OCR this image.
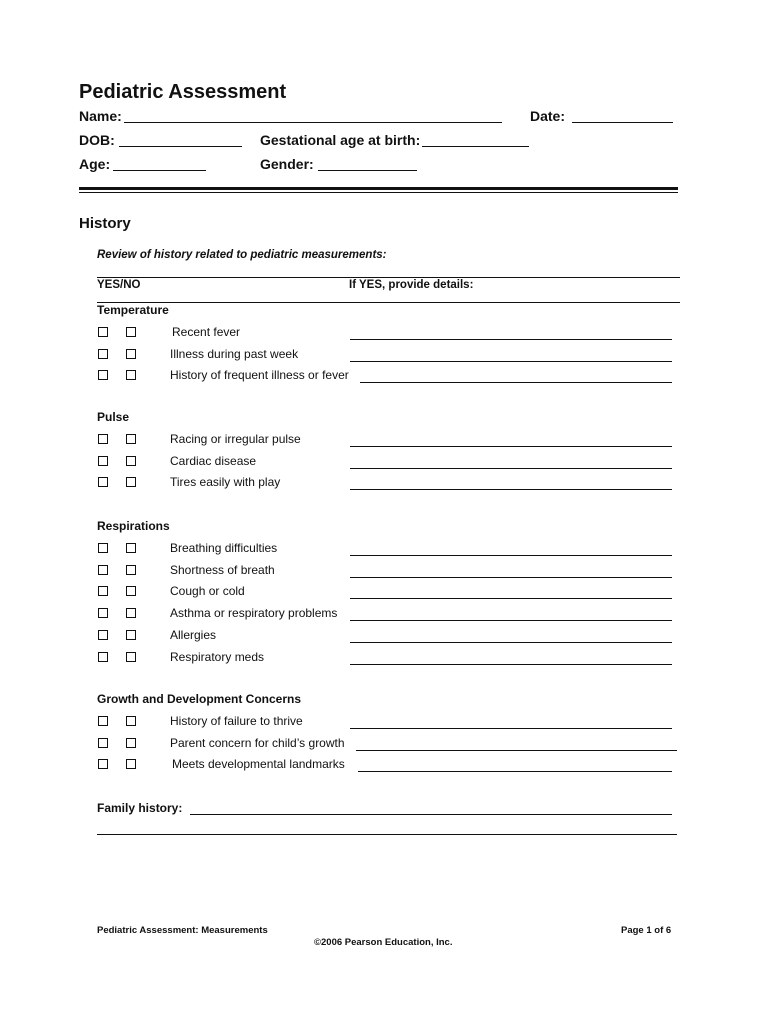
Pediatric Assessment
Name:	Date:
DOB:	Gestational age at birth:
Age:	Gender:
History
Review of history related to pediatric measurements:
YES/NO	If YES, provide details:
Temperature
Recent fever
Illness during past week
History of frequent illness or fever
Pulse
Racing or irregular pulse
Cardiac disease
Tires easily with play
Respirations
Breathing difficulties
Shortness of breath
Cough or cold
Asthma or respiratory problems
Allergies
Respiratory meds
Growth and Development Concerns
History of failure to thrive
Parent concern for child’s growth
Meets developmental landmarks
Family history:
Pediatric Assessment: Measurements	Page 1 of 6
©2006 Pearson Education, Inc.
